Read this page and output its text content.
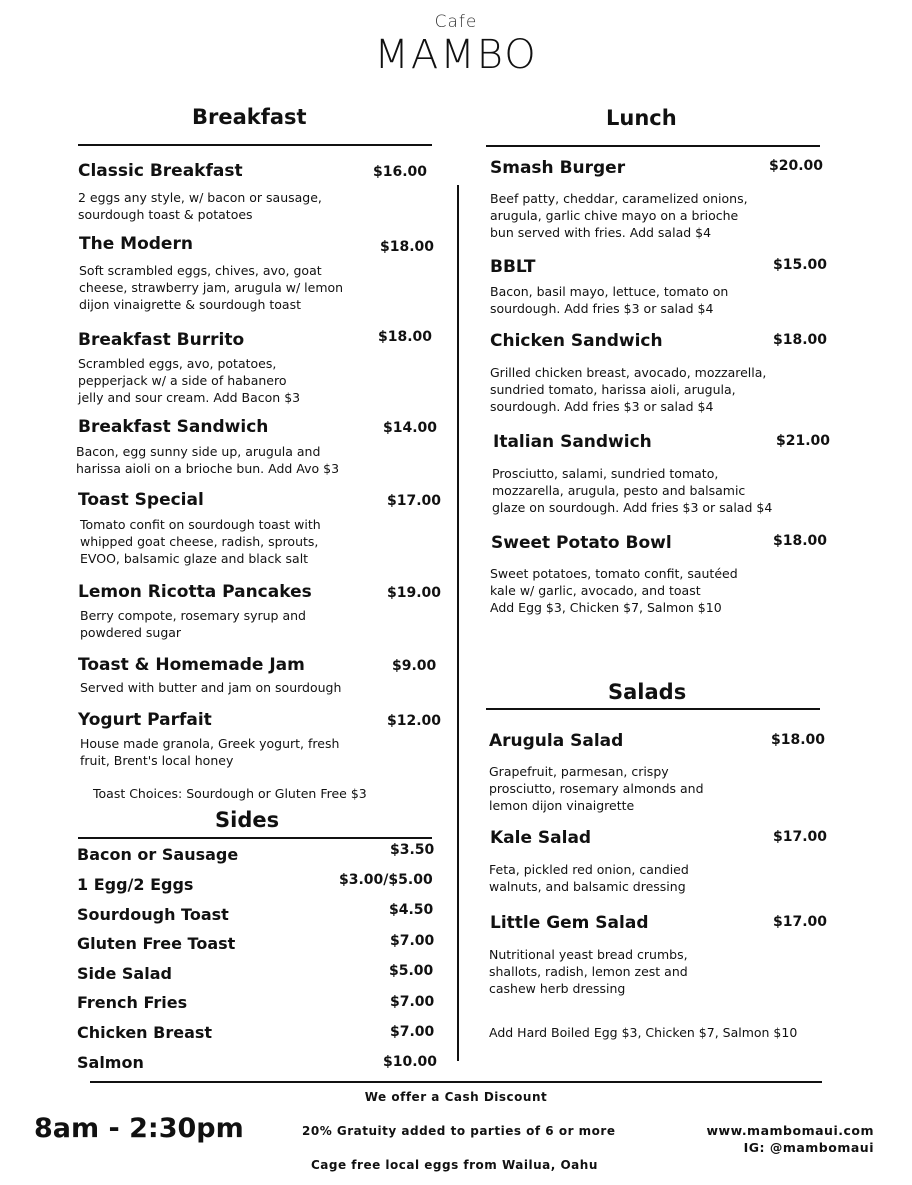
Cafe
MAMBO
Breakfast	Lunch
Sides
Salads
Classic Breakfast	$16.00
2 eggs any style, w/ bacon or sausage,
sourdough toast & potatoes
The Modern	$18.00
Soft scrambled eggs, chives, avo, goat
cheese, strawberry jam, arugula w/ lemon
dijon vinaigrette & sourdough toast
Breakfast Burrito	$18.00
Scrambled eggs, avo, potatoes,
pepperjack w/ a side of habanero
jelly and sour cream. Add Bacon $3
Breakfast Sandwich	$14.00
Bacon, egg sunny side up, arugula and
harissa aioli on a brioche bun. Add Avo $3
Toast Special	$17.00
Tomato confit on sourdough toast with
whipped goat cheese, radish, sprouts,
EVOO, balsamic glaze and black salt
Lemon Ricotta Pancakes	$19.00
Berry compote, rosemary syrup and
powdered sugar
Toast & Homemade Jam	$9.00
Served with butter and jam on sourdough
Yogurt Parfait	$12.00
House made granola, Greek yogurt, fresh
fruit, Brent's local honey
Toast Choices: Sourdough or Gluten Free $3
Bacon or Sausage	$3.50
1 Egg/2 Eggs	$3.00/$5.00
Sourdough Toast	$4.50
Gluten Free Toast	$7.00
Side Salad	$5.00
French Fries	$7.00
Chicken Breast	$7.00
Salmon	$10.00
Smash Burger	$20.00
Beef patty, cheddar, caramelized onions,
arugula, garlic chive mayo on a brioche
bun served with fries. Add salad $4
BBLT	$15.00
Bacon, basil mayo, lettuce, tomato on
sourdough. Add fries $3 or salad $4
Chicken Sandwich	$18.00
Grilled chicken breast, avocado, mozzarella,
sundried tomato, harissa aioli, arugula,
sourdough. Add fries $3 or salad $4
Italian Sandwich	$21.00
Prosciutto, salami, sundried tomato,
mozzarella, arugula, pesto and balsamic
glaze on sourdough. Add fries $3 or salad $4
Sweet Potato Bowl	$18.00
Sweet potatoes, tomato confit, sautéed
kale w/ garlic, avocado, and toast
Add Egg $3, Chicken $7, Salmon $10
Arugula Salad	$18.00
Grapefruit, parmesan, crispy
prosciutto, rosemary almonds and
lemon dijon vinaigrette
Kale Salad	$17.00
Feta, pickled red onion, candied
walnuts, and balsamic dressing
Little Gem Salad	$17.00
Nutritional yeast bread crumbs,
shallots, radish, lemon zest and
cashew herb dressing
Add Hard Boiled Egg $3, Chicken $7, Salmon $10
8am - 2:30pm
We offer a Cash Discount
20% Gratuity added to parties of 6 or more
Cage free local eggs from Wailua, Oahu
www.mambomaui.com
IG: @mambomaui
